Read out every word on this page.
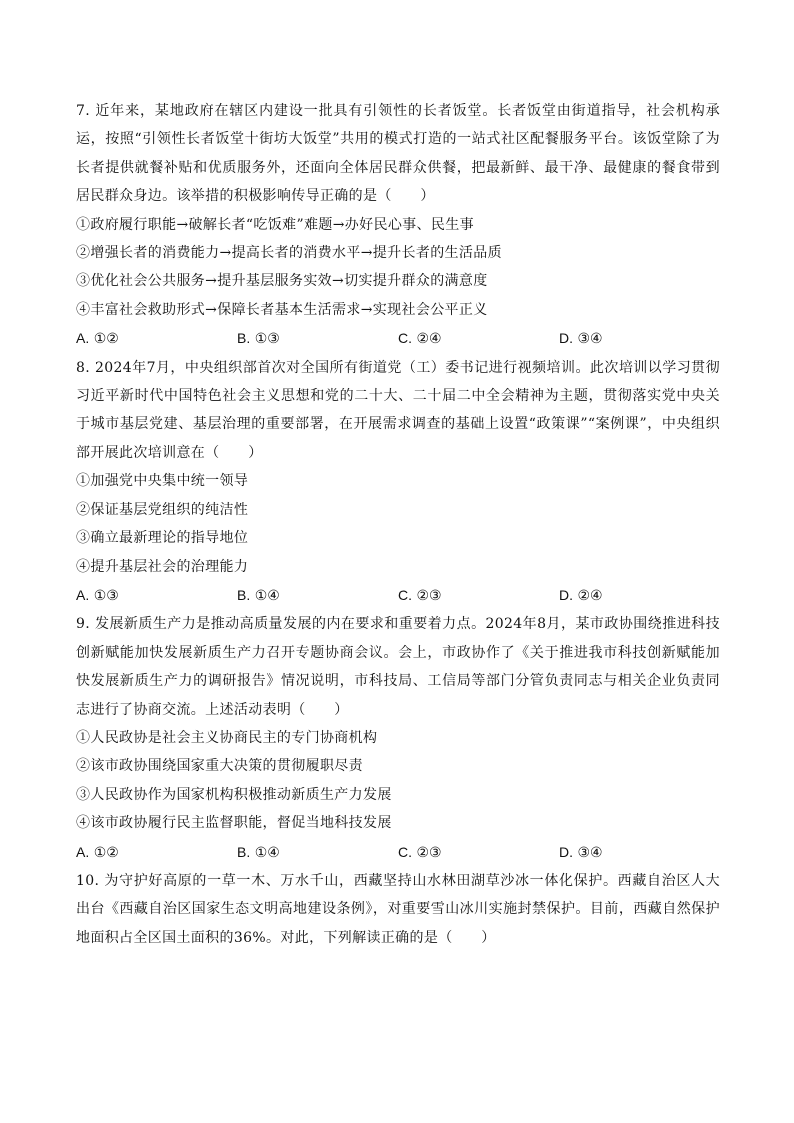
7. 近年来，某地政府在辖区内建设一批具有引领性的长者饭堂。长者饭堂由街道指导，社会机构承运，按照“引领性长者饭堂十街坊大饭堂”共用的模式打造的一站式社区配餐服务平台。该饭堂除了为长者提供就餐补贴和优质服务外，还面向全体居民群众供餐，把最新鲜、最干净、最健康的餐食带到居民群众身边。该举措的积极影响传导正确的是（　　）

①政府履行职能→破解长者“吃饭难”难题→办好民心事、民生事

②增强长者的消费能力→提高长者的消费水平→提升长者的生活品质

③优化社会公共服务→提升基层服务实效→切实提升群众的满意度

④丰富社会救助形式→保障长者基本生活需求→实现社会公平正义

A. ①②	B. ①③	C. ②④	D. ③④

8. 2024年7月，中央组织部首次对全国所有街道党（工）委书记进行视频培训。此次培训以学习贯彻习近平新时代中国特色社会主义思想和党的二十大、二十届二中全会精神为主题，贯彻落实党中央关于城市基层党建、基层治理的重要部署，在开展需求调查的基础上设置“政策课”“案例课”，中央组织部开展此次培训意在（　　）

①加强党中央集中统一领导

②保证基层党组织的纯洁性

③确立最新理论的指导地位

④提升基层社会的治理能力

A. ①③	B. ①④	C. ②③	D. ②④

9. 发展新质生产力是推动高质量发展的内在要求和重要着力点。2024年8月，某市政协围绕推进科技创新赋能加快发展新质生产力召开专题协商会议。会上，市政协作了《关于推进我市科技创新赋能加快发展新质生产力的调研报告》情况说明，市科技局、工信局等部门分管负责同志与相关企业负责同志进行了协商交流。上述活动表明（　　）

①人民政协是社会主义协商民主的专门协商机构

②该市政协围绕国家重大决策的贯彻履职尽责

③人民政协作为国家机构积极推动新质生产力发展

④该市政协履行民主监督职能，督促当地科技发展

A. ①②	B. ①④	C. ②③	D. ③④

10. 为守护好高原的一草一木、万水千山，西藏坚持山水林田湖草沙冰一体化保护。西藏自治区人大出台《西藏自治区国家生态文明高地建设条例》，对重要雪山冰川实施封禁保护。目前，西藏自然保护地面积占全区国土面积的36%。对此，下列解读正确的是（　　）
